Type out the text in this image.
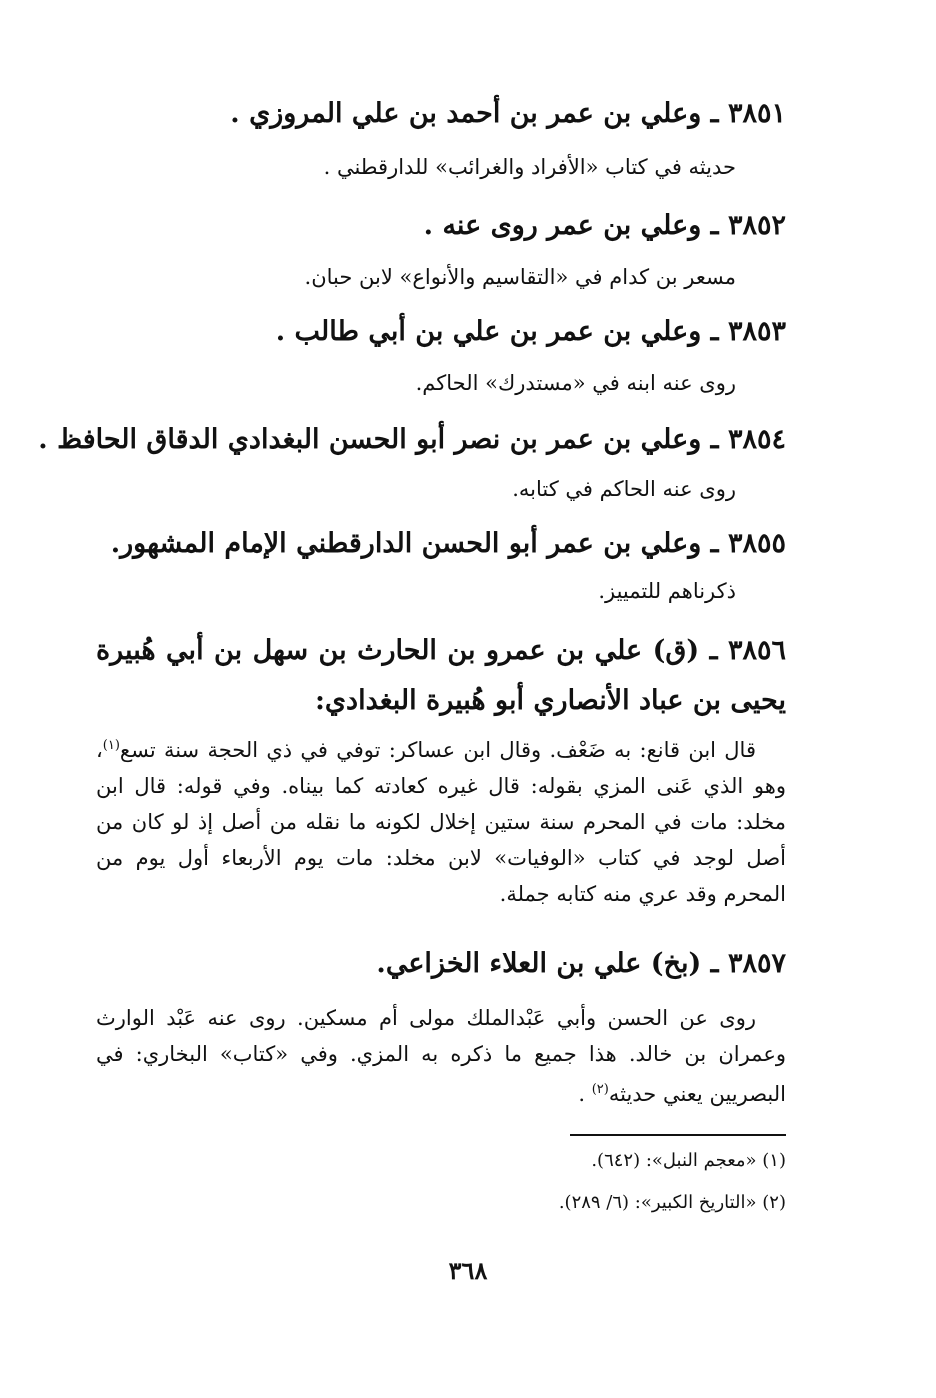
٣٨٥١ ـ وعلي بن عمر بن أحمد بن علي المروزي .
حديثه في كتاب «الأفراد والغرائب» للدارقطني .
٣٨٥٢ ـ وعلي بن عمر روى عنه .
مسعر بن كدام في «التقاسيم والأنواع» لابن حبان.
٣٨٥٣ ـ وعلي بن عمر بن علي بن أبي طالب .
روى عنه ابنه في «مستدرك» الحاكم.
٣٨٥٤ ـ وعلي بن عمر بن نصر أبو الحسن البغدادي الدقاق الحافظ .
روى عنه الحاكم في كتابه.
٣٨٥٥ ـ وعلي بن عمر أبو الحسن الدارقطني الإمام المشهور.
ذكرناهم للتمييز.
٣٨٥٦ ـ (ق) علي بن عمرو بن الحارث بن سهل بن أبي هُبيرة يحيى بن عباد الأنصاري أبو هُبيرة البغدادي:
قال ابن قانع: به ضَعْف. وقال ابن عساكر: توفي في ذي الحجة سنة تسع$^{(١)}$، وهو الذي عَنى المزي بقوله: قال غيره كعادته كما بيناه. وفي قوله: قال ابن مخلد: مات في المحرم سنة ستين إخلال لكونه ما نقله من أصل إذ لو كان من أصل لوجد في كتاب «الوفيات» لابن مخلد: مات يوم الأربعاء أول يوم من المحرم وقد عري منه كتابه جملة.
٣٨٥٧ ـ (بخ) علي بن العلاء الخزاعي.
روى عن الحسن وأبي عَبْدالملك مولى أم مسكين. روى عنه عَبْد الوارث وعمران بن خالد. هذا جميع ما ذكره به المزي. وفي «كتاب» البخاري: في البصريين يعني حديثه$^{(٢)}$ .
(١) «معجم النبل»: (٦٤٢).
(٢) «التاريخ الكبير»: (٦/ ٢٨٩).
٣٦٨
